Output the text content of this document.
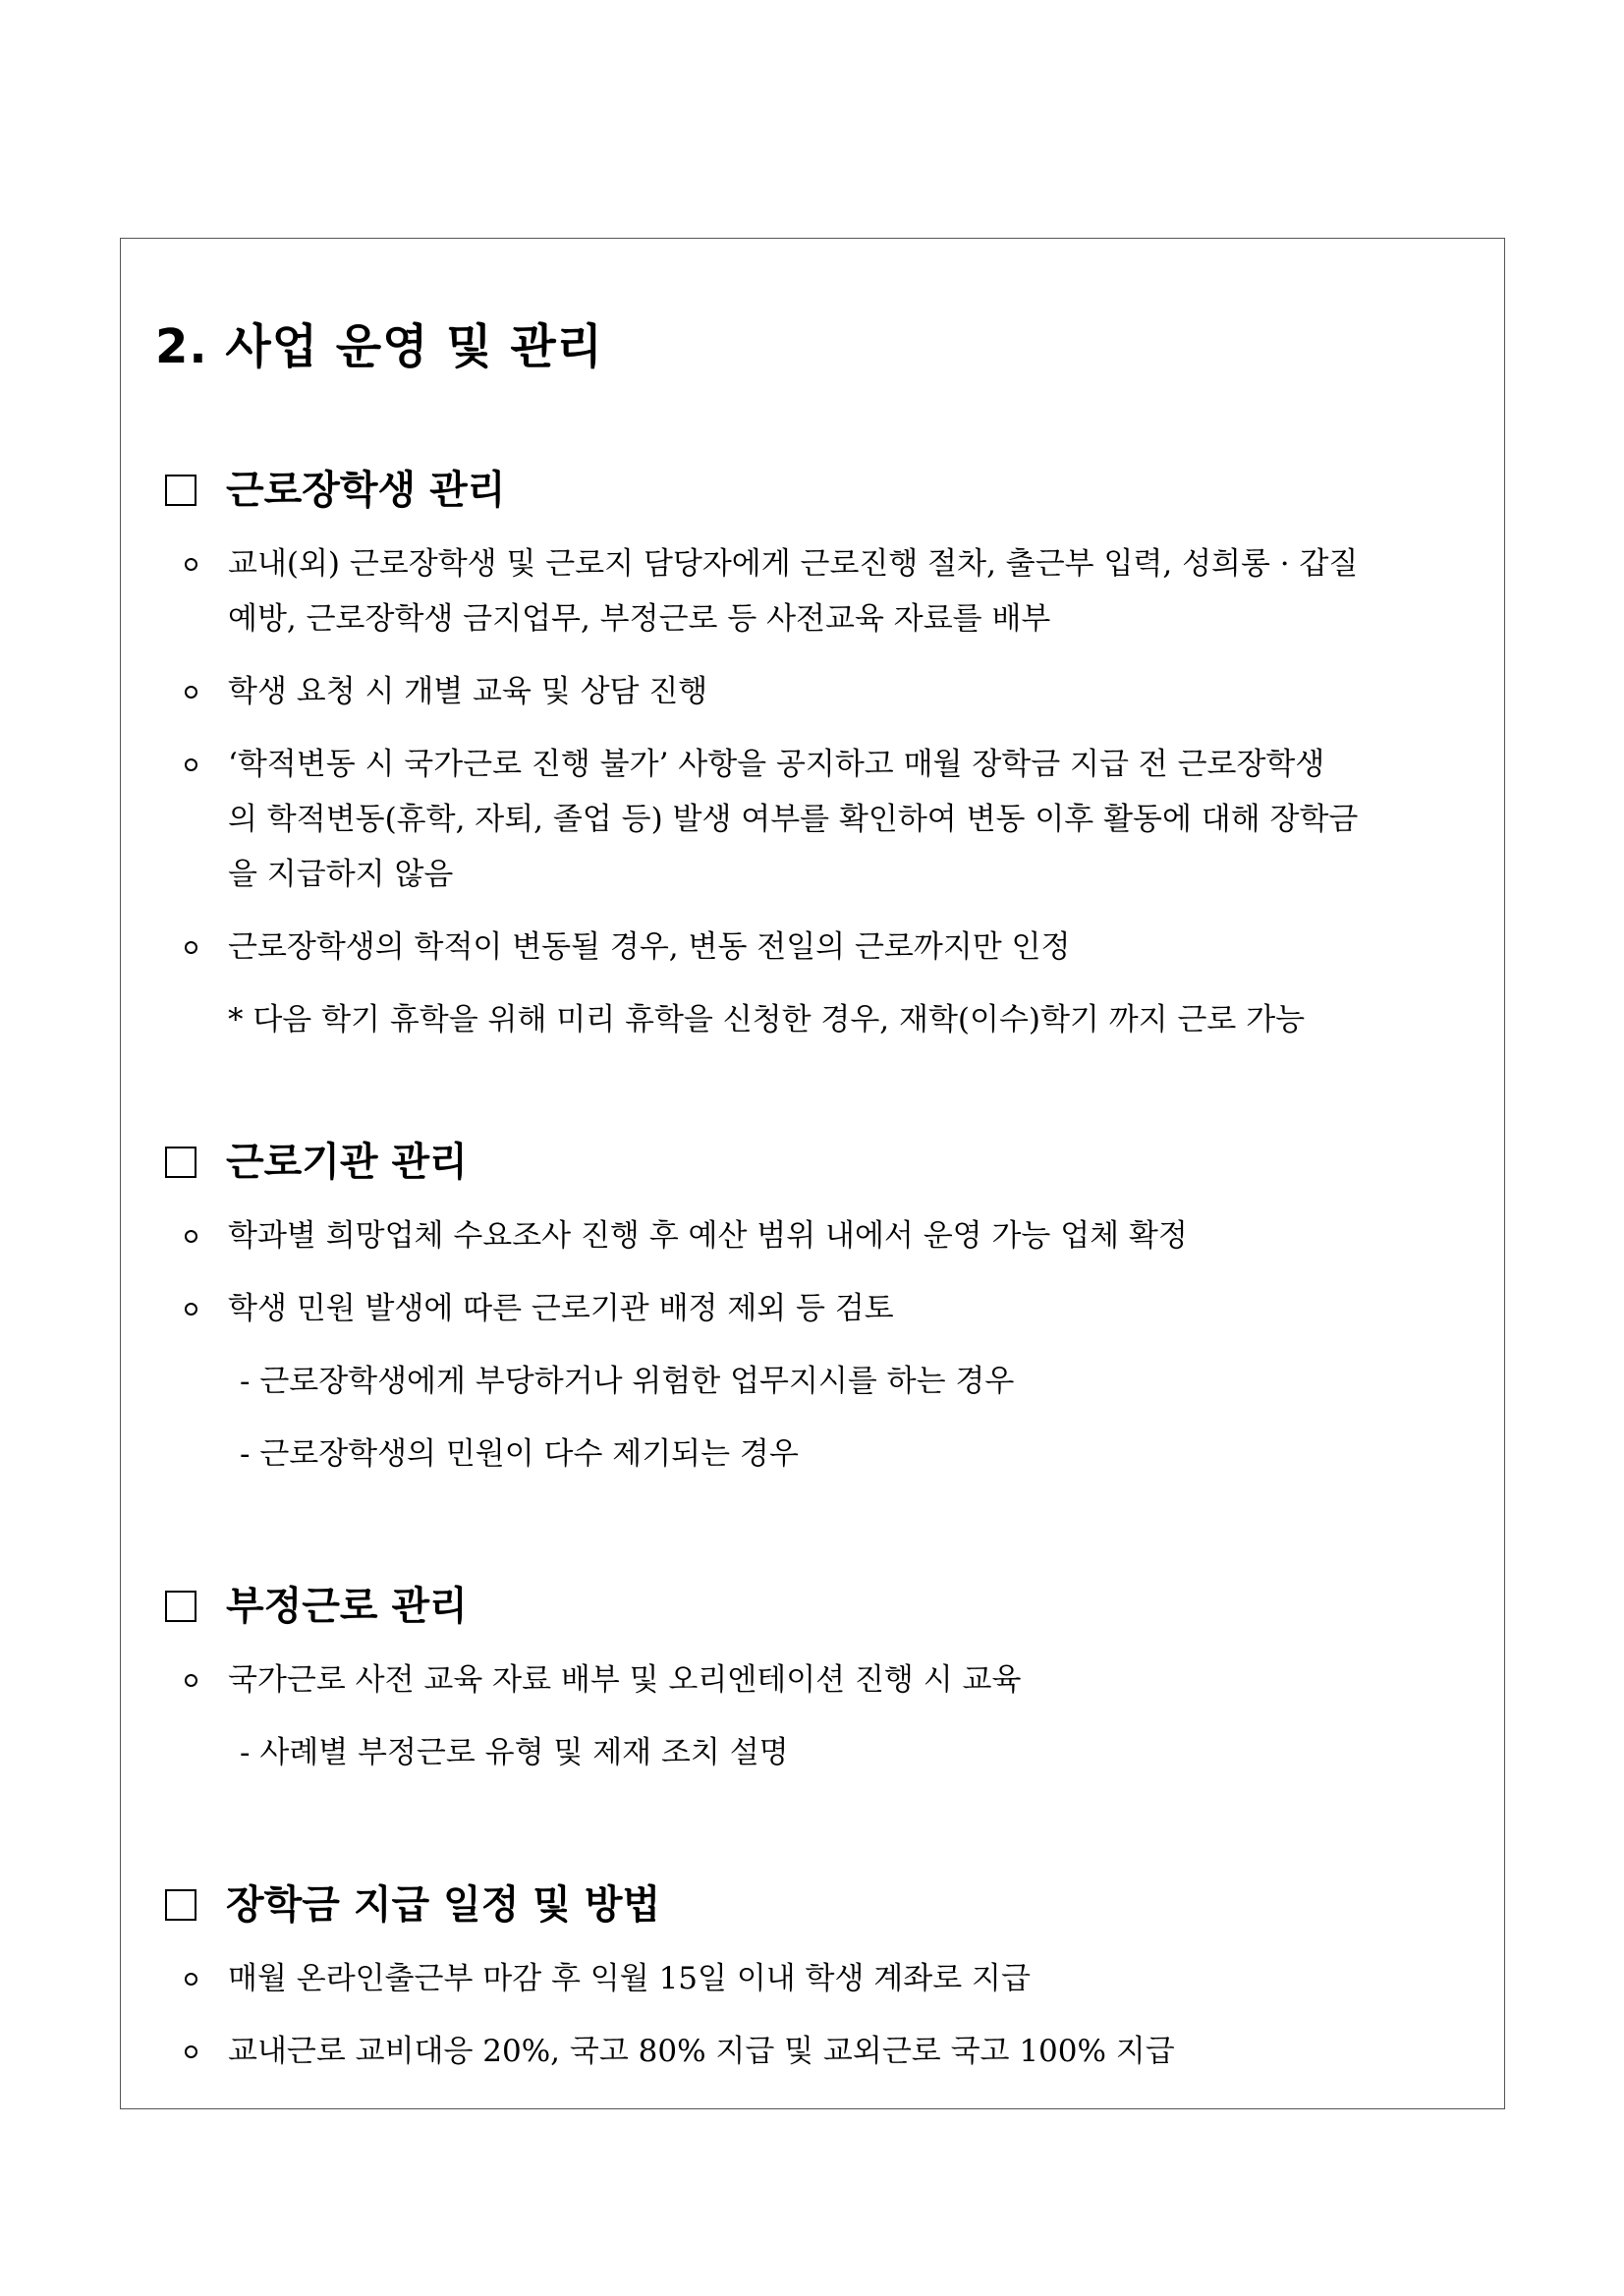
2. 사업 운영 및 관리
근로장학생 관리
교내(외) 근로장학생 및 근로지 담당자에게 근로진행 절차, 출근부 입력, 성희롱 · 갑질
예방, 근로장학생 금지업무, 부정근로 등 사전교육 자료를 배부
학생 요청 시 개별 교육 및 상담 진행
‘학적변동 시 국가근로 진행 불가’ 사항을 공지하고 매월 장학금 지급 전 근로장학생
의 학적변동(휴학, 자퇴, 졸업 등) 발생 여부를 확인하여 변동 이후 활동에 대해 장학금
을 지급하지 않음
근로장학생의 학적이 변동될 경우, 변동 전일의 근로까지만 인정
* 다음 학기 휴학을 위해 미리 휴학을 신청한 경우, 재학(이수)학기 까지 근로 가능
근로기관 관리
학과별 희망업체 수요조사 진행 후 예산 범위 내에서 운영 가능 업체 확정
학생 민원 발생에 따른 근로기관 배정 제외 등 검토
- 근로장학생에게 부당하거나 위험한 업무지시를 하는 경우
- 근로장학생의 민원이 다수 제기되는 경우
부정근로 관리
국가근로 사전 교육 자료 배부 및 오리엔테이션 진행 시 교육
- 사례별 부정근로 유형 및 제재 조치 설명
장학금 지급 일정 및 방법
매월 온라인출근부 마감 후 익월 15일 이내 학생 계좌로 지급
교내근로 교비대응 20%, 국고 80% 지급 및 교외근로 국고 100% 지급
